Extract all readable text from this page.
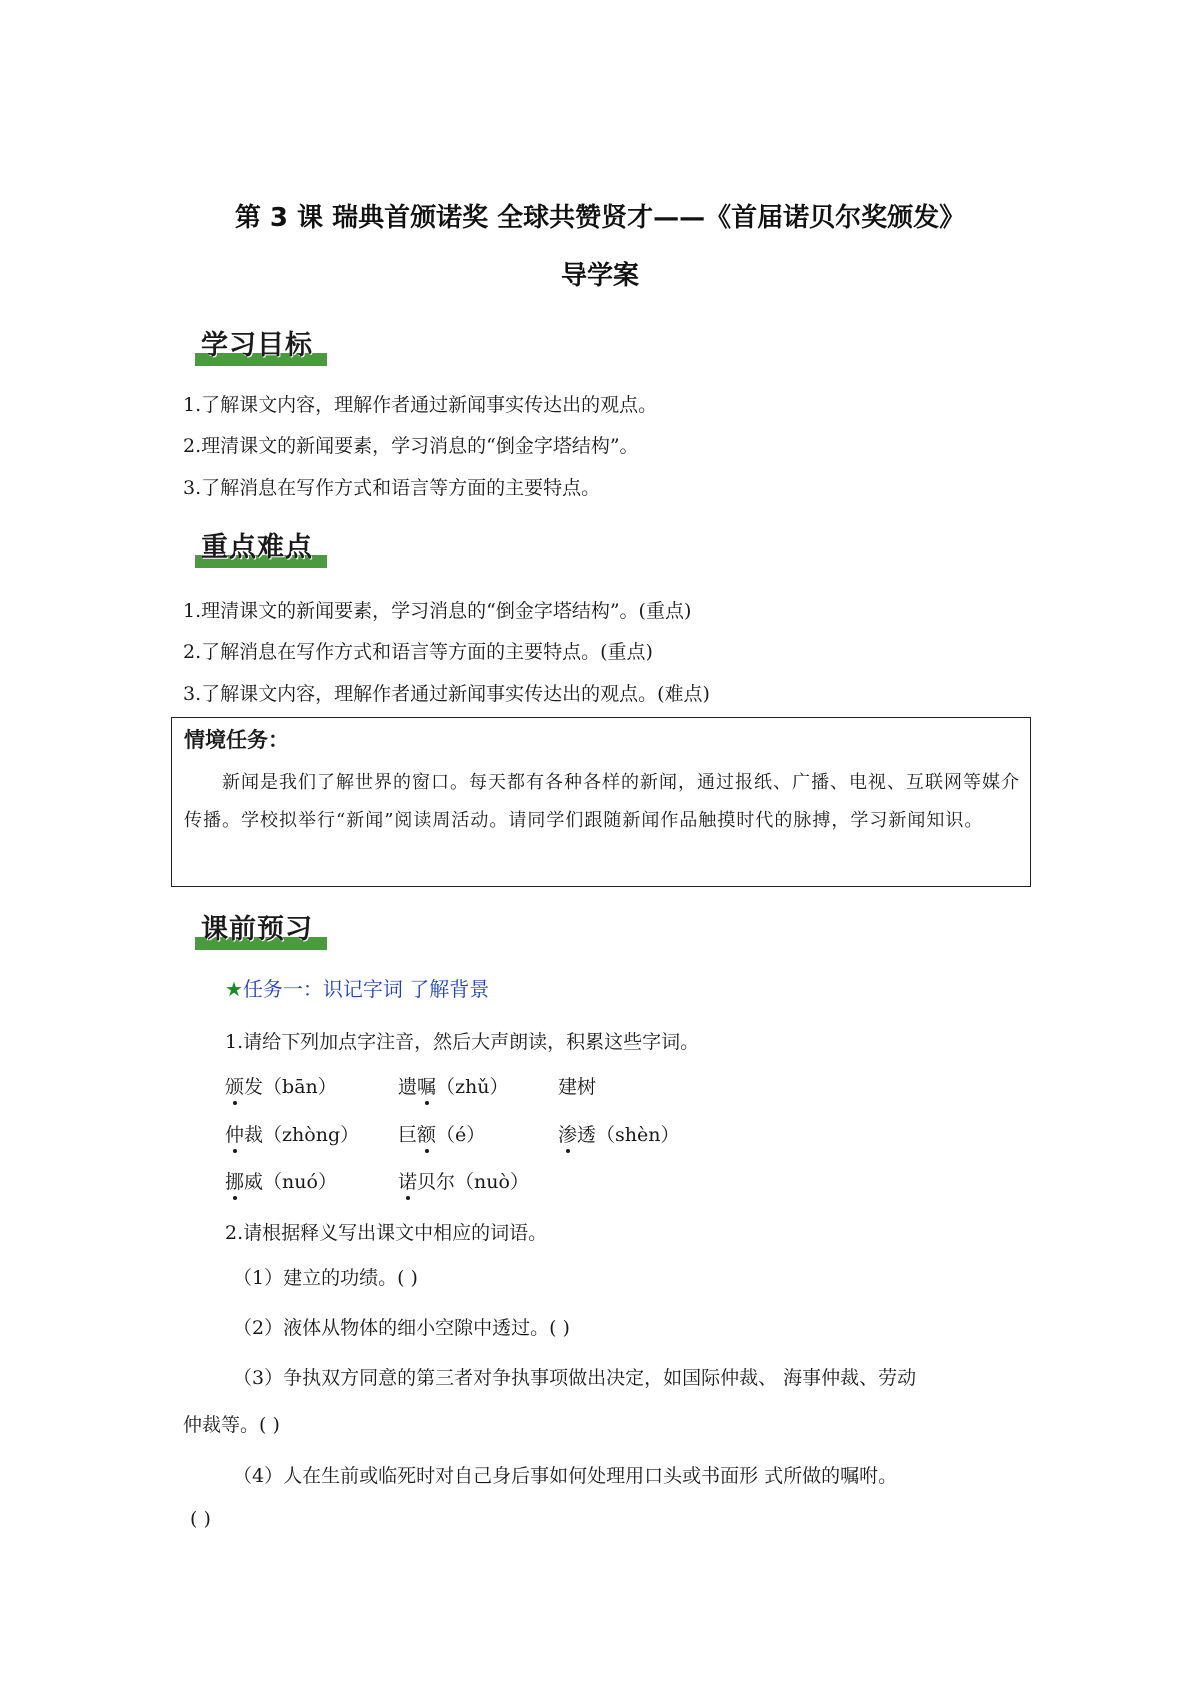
第 3 课 瑞典首颁诺奖 全球共赞贤才——《首届诺贝尔奖颁发》
导学案
学习目标
1.了解课文内容，理解作者通过新闻事实传达出的观点。
2.理清课文的新闻要素，学习消息的“倒金字塔结构”。
3.了解消息在写作方式和语言等方面的主要特点。
重点难点
1.理清课文的新闻要素，学习消息的“倒金字塔结构”。(重点)
2.了解消息在写作方式和语言等方面的主要特点。(重点)
3.了解课文内容，理解作者通过新闻事实传达出的观点。(难点)
情境任务：
新闻是我们了解世界的窗口。每天都有各种各样的新闻，通过报纸、广播、电视、互联网等媒介传播。学校拟举行“新闻”阅读周活动。请同学们跟随新闻作品触摸时代的脉搏，学习新闻知识。
课前预习
★任务一：识记字词 了解背景
1.请给下列加点字注音，然后大声朗读，积累这些字词。
颁发（bān）	遗嘱（zhǔ）	建树
仲裁（zhòng） 巨额（é）	渗透（shèn）
挪威（nuó）	诺贝尔（nuò）
2.请根据释义写出课文中相应的词语。
（1）建立的功绩。( )
（2）液体从物体的细小空隙中透过。( )
（3）争执双方同意的第三者对争执事项做出决定，如国际仲裁、 海事仲裁、劳动
仲裁等。( )
（4）人在生前或临死时对自己身后事如何处理用口头或书面形 式所做的嘱咐。
( )
